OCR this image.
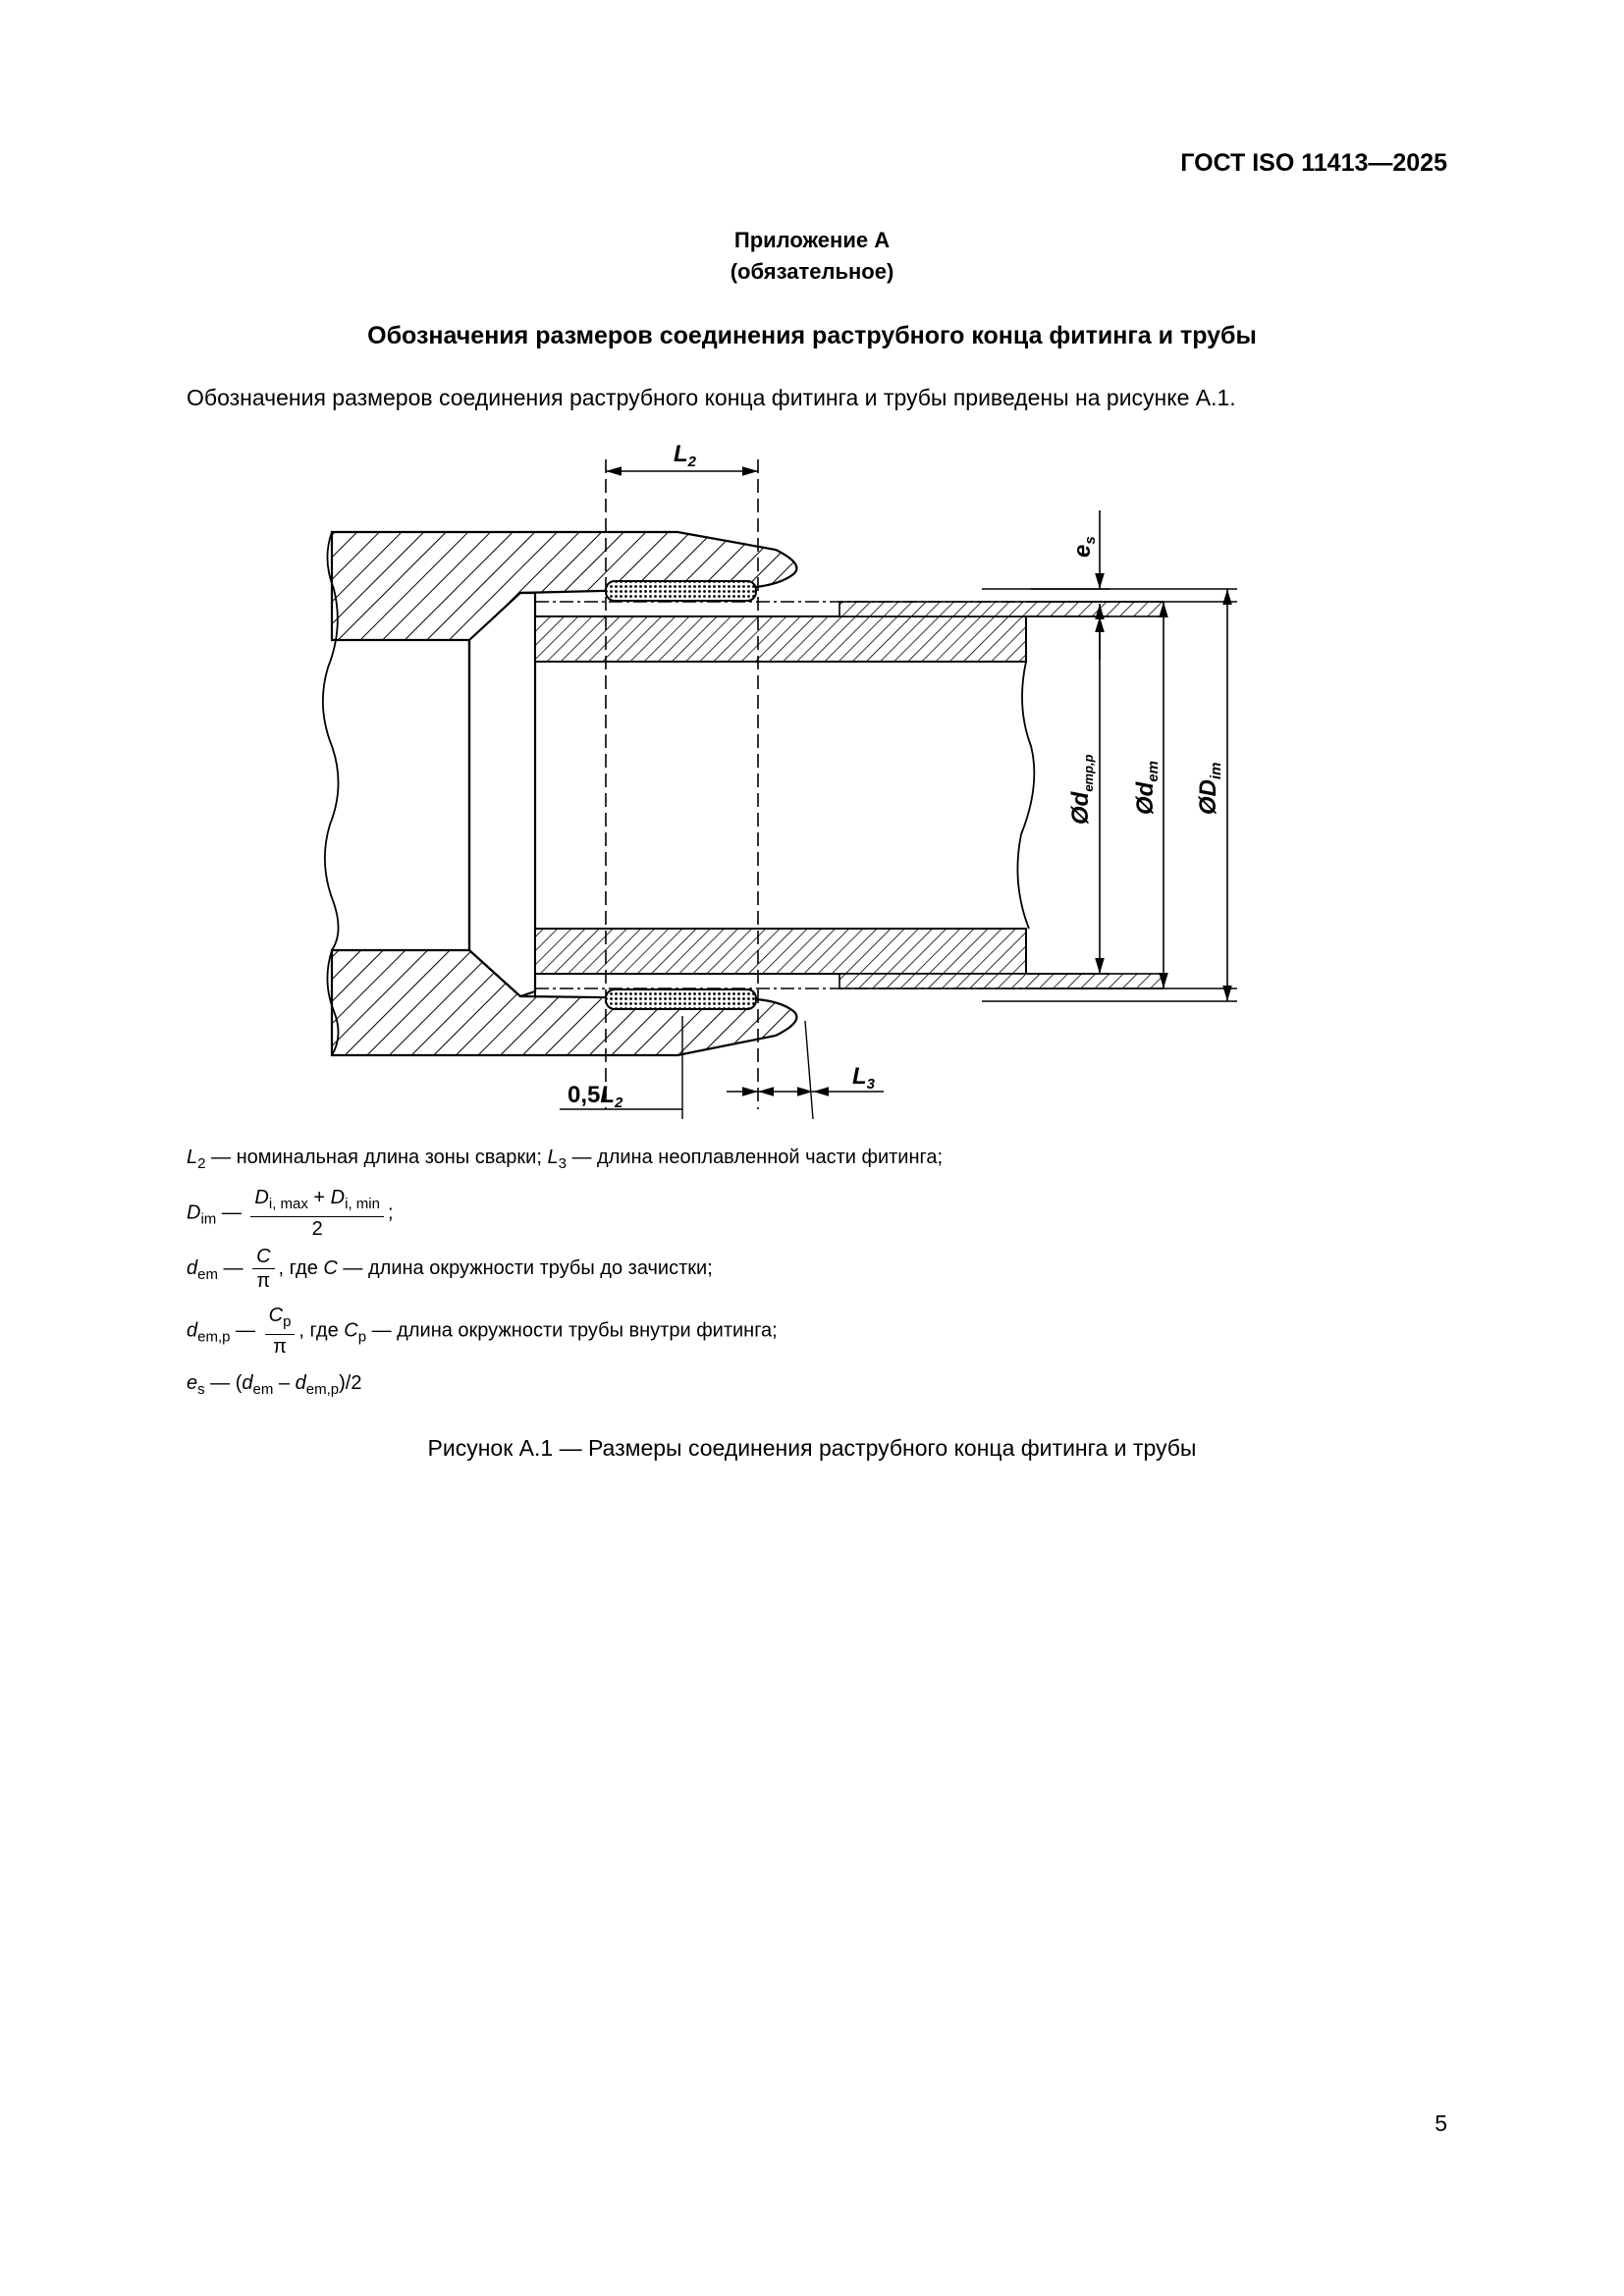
ГОСТ ISO 11413—2025
Приложение А
(обязательное)
Обозначения размеров соединения раструбного конца фитинга и трубы
Обозначения размеров соединения раструбного конца фитинга и трубы приведены на рисунке А.1.
$L_2$
$e_s$
$Ød_{emp,p}$
$Ød_{em}$
$ØD_{im}$
$0,5L_2$
$L_3$
$L_2$ — номинальная длина зоны сварки; $L_3$ — длина неоплавленной части фитинга;
$D_{im}$ — $\frac{D_{i, max} + D_{i, min}}{2}$ ;
$d_{em}$ — $\frac{C}{\pi}$ , где C — длина окружности трубы до зачистки;
$d_{em,p}$ — $\frac{C_p}{\pi}$ , где $C_p$ — длина окружности трубы внутри фитинга;
$e_s$ — $(d_{em} - d_{em,p})/2$
Рисунок А.1 — Размеры соединения раструбного конца фитинга и трубы
5
